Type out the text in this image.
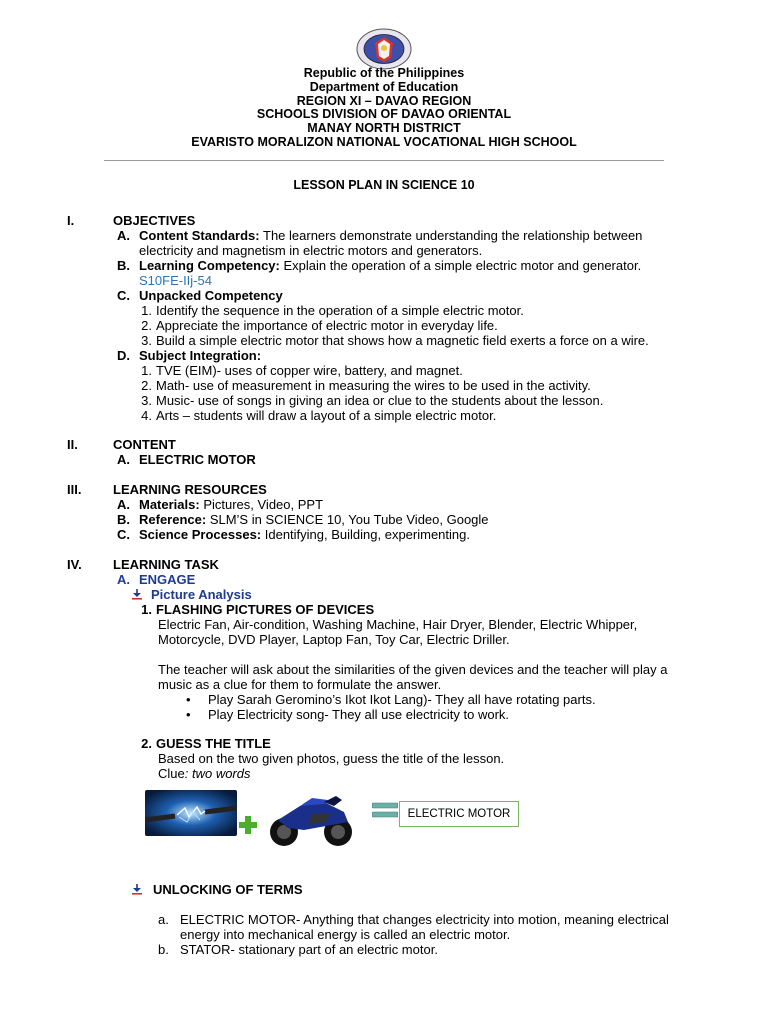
Republic of the Philippines
Department of Education
REGION XI – DAVAO REGION
SCHOOLS DIVISION OF DAVAO ORIENTAL
MANAY NORTH DISTRICT
EVARISTO MORALIZON NATIONAL VOCATIONAL HIGH SCHOOL
LESSON PLAN IN SCIENCE 10
I.	OBJECTIVES
A. Content Standards: The learners demonstrate understanding the relationship between
electricity and magnetism in electric motors and generators.
B. Learning Competency: Explain the operation of a simple electric motor and generator.
S10FE-IIj-54
C. Unpacked Competency
1. Identify the sequence in the operation of a simple electric motor.
2. Appreciate the importance of electric motor in everyday life.
3. Build a simple electric motor that shows how a magnetic field exerts a force on a wire.
D. Subject Integration:
1. TVE (EIM)- uses of copper wire, battery, and magnet.
2. Math- use of measurement in measuring the wires to be used in the activity.
3. Music- use of songs in giving an idea or clue to the students about the lesson.
4. Arts – students will draw a layout of a simple electric motor.
II.	CONTENT
A. ELECTRIC MOTOR
III. LEARNING RESOURCES
A. Materials: Pictures, Video, PPT
B. Reference: SLM’S in SCIENCE 10, You Tube Video, Google
C. Science Processes: Identifying, Building, experimenting.
IV. LEARNING TASK
A. ENGAGE
Picture Analysis
1. FLASHING PICTURES OF DEVICES
Electric Fan, Air-condition, Washing Machine, Hair Dryer, Blender, Electric Whipper,
Motorcycle, DVD Player, Laptop Fan, Toy Car, Electric Driller.
The teacher will ask about the similarities of the given devices and the teacher will play a
music as a clue for them to formulate the answer.
• Play Sarah Geromino’s Ikot Ikot Lang)- They all have rotating parts.
• Play Electricity song- They all use electricity to work.
2. GUESS THE TITLE
Based on the two given photos, guess the title of the lesson.
Clue: two words
ELECTRIC MOTOR
UNLOCKING OF TERMS
a. ELECTRIC MOTOR- Anything that changes electricity into motion, meaning electrical
energy into mechanical energy is called an electric motor.
b. STATOR- stationary part of an electric motor.
